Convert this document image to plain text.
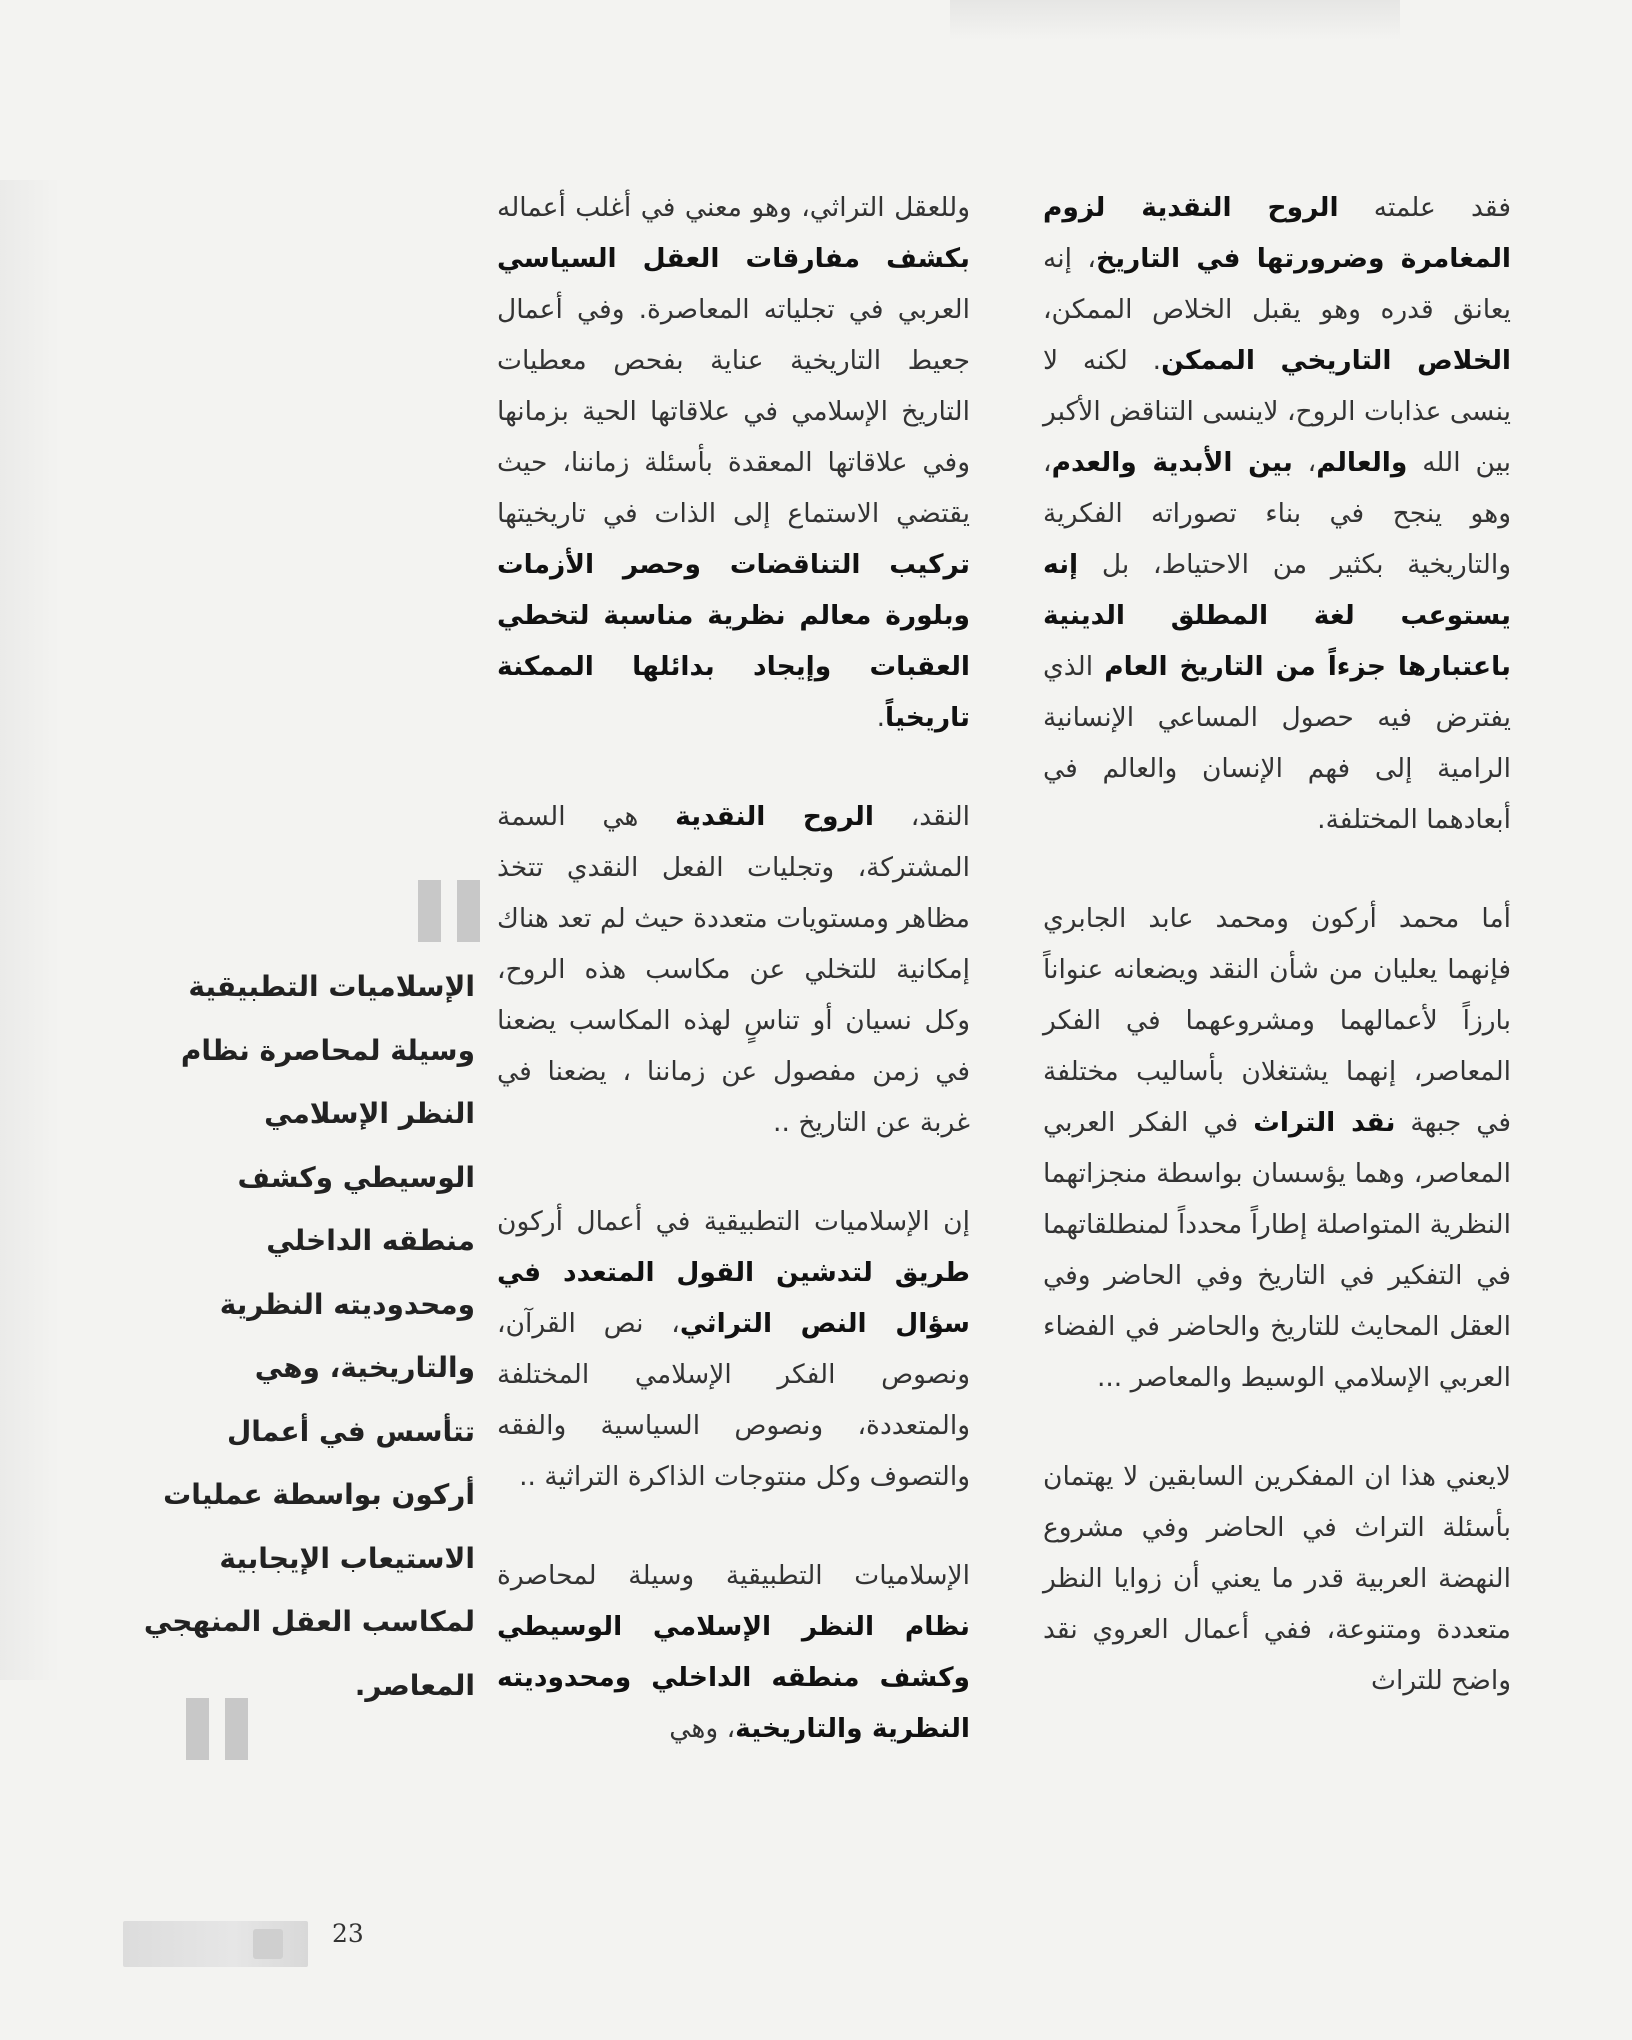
فقد علمته الروح النقدية لزوم المغامرة وضرورتها في التاريخ، إنه يعانق قدره وهو يقبل الخلاص الممكن، الخلاص التاريخي الممكن. لكنه لا ينسى عذابات الروح، لاينسى التناقض الأكبر بين الله والعالم، بين الأبدية والعدم، وهو ينجح في بناء تصوراته الفكرية والتاريخية بكثير من الاحتياط، بل إنه يستوعب لغة المطلق الدينية باعتبارها جزءاً من التاريخ العام الذي يفترض فيه حصول المساعي الإنسانية الرامية إلى فهم الإنسان والعالم في أبعادهما المختلفة.

أما محمد أركون ومحمد عابد الجابري فإنهما يعليان من شأن النقد ويضعانه عنواناً بارزاً لأعمالهما ومشروعهما في الفكر المعاصر، إنهما يشتغلان بأساليب مختلفة في جبهة نقد التراث في الفكر العربي المعاصر، وهما يؤسسان بواسطة منجزاتهما النظرية المتواصلة إطاراً محدداً لمنطلقاتهما في التفكير في التاريخ وفي الحاضر وفي العقل المحايث للتاريخ والحاضر في الفضاء العربي الإسلامي الوسيط والمعاصر ...

لايعني هذا ان المفكرين السابقين لا يهتمان بأسئلة التراث في الحاضر وفي مشروع النهضة العربية قدر ما يعني أن زوايا النظر متعددة ومتنوعة، ففي أعمال العروي نقد واضح للتراث

وللعقل التراثي، وهو معني في أغلب أعماله بكشف مفارقات العقل السياسي العربي في تجلياته المعاصرة. وفي أعمال جعيط التاريخية عناية بفحص معطيات التاريخ الإسلامي في علاقاتها الحية بزمانها وفي علاقاتها المعقدة بأسئلة زماننا، حيث يقتضي الاستماع إلى الذات في تاريخيتها تركيب التناقضات وحصر الأزمات وبلورة معالم نظرية مناسبة لتخطي العقبات وإيجاد بدائلها الممكنة تاريخياً.

النقد، الروح النقدية هي السمة المشتركة، وتجليات الفعل النقدي تتخذ مظاهر ومستويات متعددة حيث لم تعد هناك إمكانية للتخلي عن مكاسب هذه الروح، وكل نسيان أو تناسٍ لهذه المكاسب يضعنا في زمن مفصول عن زماننا ، يضعنا في غربة عن التاريخ ..

إن الإسلاميات التطبيقية في أعمال أركون طريق لتدشين القول المتعدد في سؤال النص التراثي، نص القرآن، ونصوص الفكر الإسلامي المختلفة والمتعددة، ونصوص السياسية والفقه والتصوف وكل منتوجات الذاكرة التراثية ..

الإسلاميات التطبيقية وسيلة لمحاصرة نظام النظر الإسلامي الوسيطي وكشف منطقه الداخلي ومحدوديته النظرية والتاريخية، وهي

الإسلاميات التطبيقية
وسيلة لمحاصرة نظام
النظر الإسلامي
الوسيطي وكشف
منطقه الداخلي
ومحدوديته النظرية
والتاريخية، وهي
تتأسس في أعمال
أركون بواسطة عمليات
الاستيعاب الإيجابية
لمكاسب العقل المنهجي
المعاصر.
23
